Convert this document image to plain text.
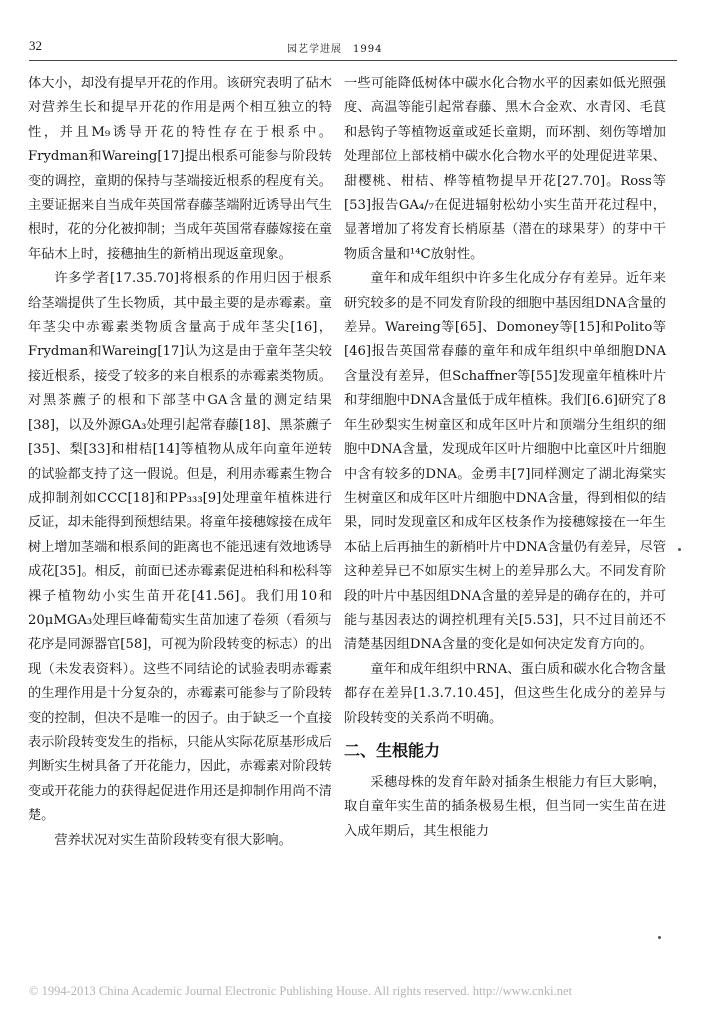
32	园艺学进展　1994

体大小，却没有提早开花的作用。该研究表明了砧木对营养生长和提早开花的作用是两个相互独立的特性，并且M₉诱导开花的特性存在于根系中。Frydman和Wareing[17]提出根系可能参与阶段转变的调控，童期的保持与茎端接近根系的程度有关。主要证据来自当成年英国常春藤茎端附近诱导出气生根时，花的分化被抑制；当成年英国常春藤嫁接在童年砧木上时，接穗抽生的新梢出现返童现象。

许多学者[17.35.70]将根系的作用归因于根系给茎端提供了生长物质，其中最主要的是赤霉素。童年茎尖中赤霉素类物质含量高于成年茎尖[16]，Frydman和Wareing[17]认为这是由于童年茎尖较接近根系，接受了较多的来自根系的赤霉素类物质。对黑茶藨子的根和下部茎中GA含量的测定结果[38]，以及外源GA₃处理引起常春藤[18]、黑茶藨子[35]、梨[33]和柑桔[14]等植物从成年向童年逆转的试验都支持了这一假说。但是，利用赤霉素生物合成抑制剂如CCC[18]和PP₃₃₃[9]处理童年植株进行反证，却未能得到预想结果。将童年接穗嫁接在成年树上增加茎端和根系间的距离也不能迅速有效地诱导成花[35]。相反，前面已述赤霉素促进柏科和松科等裸子植物幼小实生苗开花[41.56]。我们用10和20μMGA₃处理巨峰葡萄实生苗加速了卷须（看须与花序是同源器官[58]，可视为阶段转变的标志）的出现（未发表资料）。这些不同结论的试验表明赤霉素的生理作用是十分复杂的，赤霉素可能参与了阶段转变的控制，但决不是唯一的因子。由于缺乏一个直接表示阶段转变发生的指标，只能从实际花原基形成后判断实生树具备了开花能力，因此，赤霉素对阶段转变或开花能力的获得起促进作用还是抑制作用尚不清楚。

营养状况对实生苗阶段转变有很大影响。

一些可能降低树体中碳水化合物水平的因素如低光照强度、高温等能引起常春藤、黑木合金欢、水青冈、毛茛和悬钩子等植物返童或延长童期，而环割、刻伤等增加处理部位上部枝梢中碳水化合物水平的处理促进苹果、甜樱桃、柑桔、桦等植物提早开花[27.70]。Ross等[53]报告GA₄/₇在促进辐射松幼小实生苗开花过程中，显著增加了将发育长梢原基（潜在的球果芽）的芽中干物质含量和¹⁴C放射性。

童年和成年组织中许多生化成分存有差异。近年来研究较多的是不同发育阶段的细胞中基因组DNA含量的差异。Wareing等[65]、Domoney等[15]和Polito等[46]报告英国常春藤的童年和成年组织中单细胞DNA含量没有差异，但Schaffner等[55]发现童年植株叶片和芽细胞中DNA含量低于成年植株。我们[6.6]研究了8年生砂梨实生树童区和成年区叶片和顶端分生组织的细胞中DNA含量，发现成年区叶片细胞中比童区叶片细胞中含有较多的DNA。金勇丰[7]同样测定了湖北海棠实生树童区和成年区叶片细胞中DNA含量，得到相似的结果，同时发现童区和成年区枝条作为接穗嫁接在一年生本砧上后再抽生的新梢叶片中DNA含量仍有差异，尽管这种差异已不如原实生树上的差异那么大。不同发育阶段的叶片中基因组DNA含量的差异是的确存在的，并可能与基因表达的调控机理有关[5.53]，只不过目前还不清楚基因组DNA含量的变化是如何决定发育方向的。

童年和成年组织中RNA、蛋白质和碳水化合物含量都存在差异[1.3.7.10.45]，但这些生化成分的差异与阶段转变的关系尚不明确。

二、生根能力

采穗母株的发育年龄对插条生根能力有巨大影响，取自童年实生苗的插条极易生根，但当同一实生苗在进入成年期后，其生根能力

© 1994-2013 China Academic Journal Electronic Publishing House. All rights reserved. http://www.cnki.net
